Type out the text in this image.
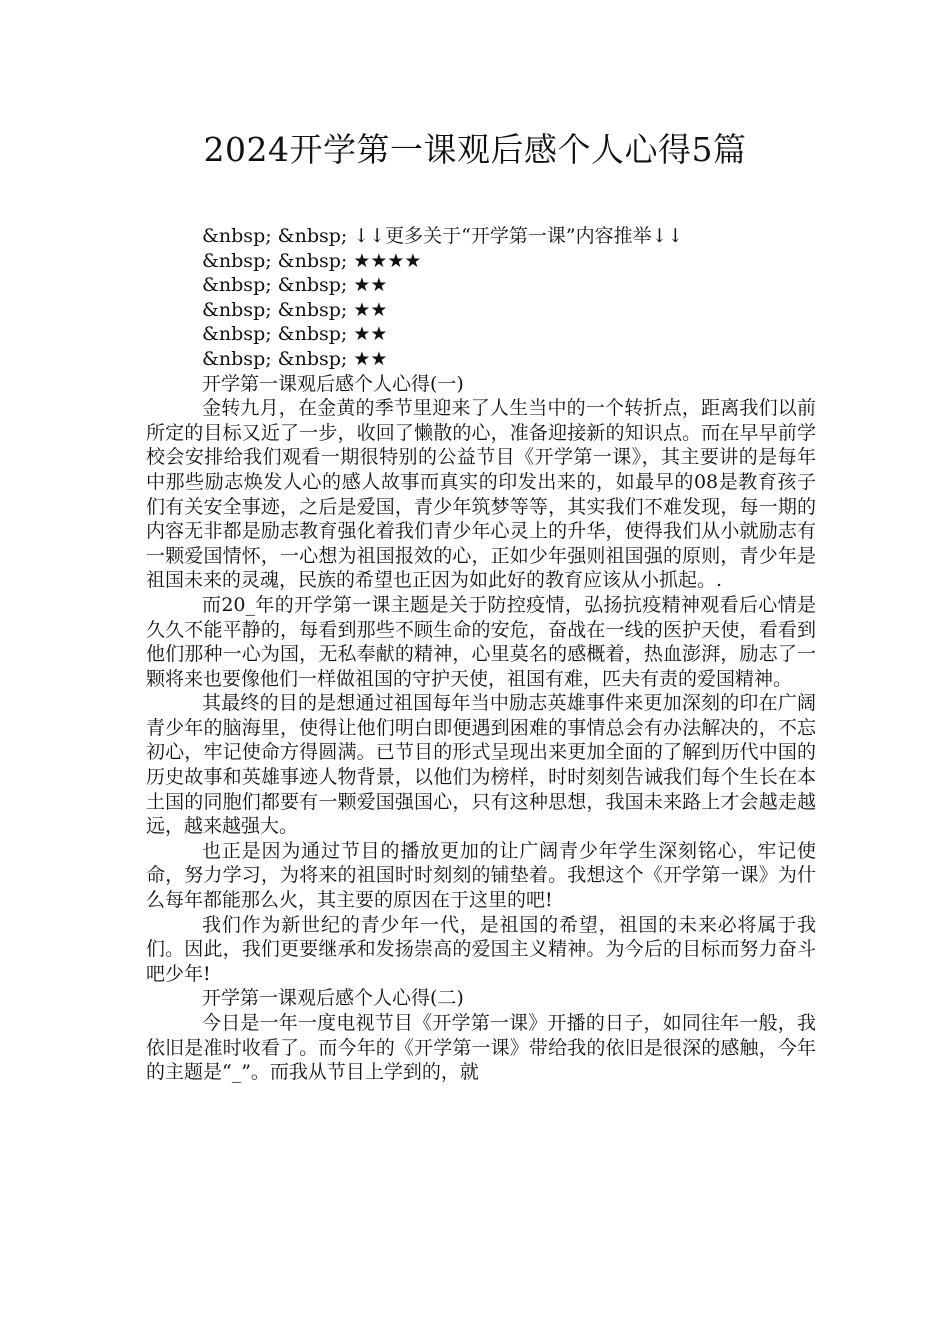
2024开学第一课观后感个人心得5篇
&nbsp; &nbsp; ↓↓更多关于“开学第一课”内容推举↓↓
&nbsp; &nbsp; ★★★★
&nbsp; &nbsp; ★★
&nbsp; &nbsp; ★★
&nbsp; &nbsp; ★★
&nbsp; &nbsp; ★★
开学第一课观后感个人心得(一)

金转九月，在金黄的季节里迎来了人生当中的一个转折点，距离我们以前所定的目标又近了一步，收回了懒散的心，准备迎接新的知识点。而在早早前学校会安排给我们观看一期很特别的公益节目《开学第一课》，其主要讲的是每年中那些励志焕发人心的感人故事而真实的印发出来的，如最早的08是教育孩子们有关安全事迹，之后是爱国，青少年筑梦等等，其实我们不难发现，每一期的内容无非都是励志教育强化着我们青少年心灵上的升华，使得我们从小就励志有一颗爱国情怀，一心想为祖国报效的心，正如少年强则祖国强的原则，青少年是祖国未来的灵魂，民族的希望也正因为如此好的教育应该从小抓起。.

而20_年的开学第一课主题是关于防控疫情，弘扬抗疫精神观看后心情是久久不能平静的，每看到那些不顾生命的安危，奋战在一线的医护天使，看看到他们那种一心为国，无私奉献的精神，心里莫名的感概着，热血澎湃，励志了一颗将来也要像他们一样做祖国的守护天使，祖国有难，匹夫有责的爱国精神。

其最终的目的是想通过祖国每年当中励志英雄事件来更加深刻的印在广阔青少年的脑海里，使得让他们明白即便遇到困难的事情总会有办法解决的，不忘初心，牢记使命方得圆满。已节目的形式呈现出来更加全面的了解到历代中国的历史故事和英雄事迹人物背景，以他们为榜样，时时刻刻告诫我们每个生长在本土国的同胞们都要有一颗爱国强国心，只有这种思想，我国未来路上才会越走越远，越来越强大。

也正是因为通过节目的播放更加的让广阔青少年学生深刻铭心，牢记使命，努力学习，为将来的祖国时时刻刻的铺垫着。我想这个《开学第一课》为什么每年都能那么火，其主要的原因在于这里的吧!

我们作为新世纪的青少年一代，是祖国的希望，祖国的未来必将属于我们。因此，我们更要继承和发扬崇高的爱国主义精神。为今后的目标而努力奋斗吧少年!

开学第一课观后感个人心得(二)

今日是一年一度电视节目《开学第一课》开播的日子，如同往年一般，我依旧是准时收看了。而今年的《开学第一课》带给我的依旧是很深的感触，今年的主题是“_”。而我从节目上学到的，就
